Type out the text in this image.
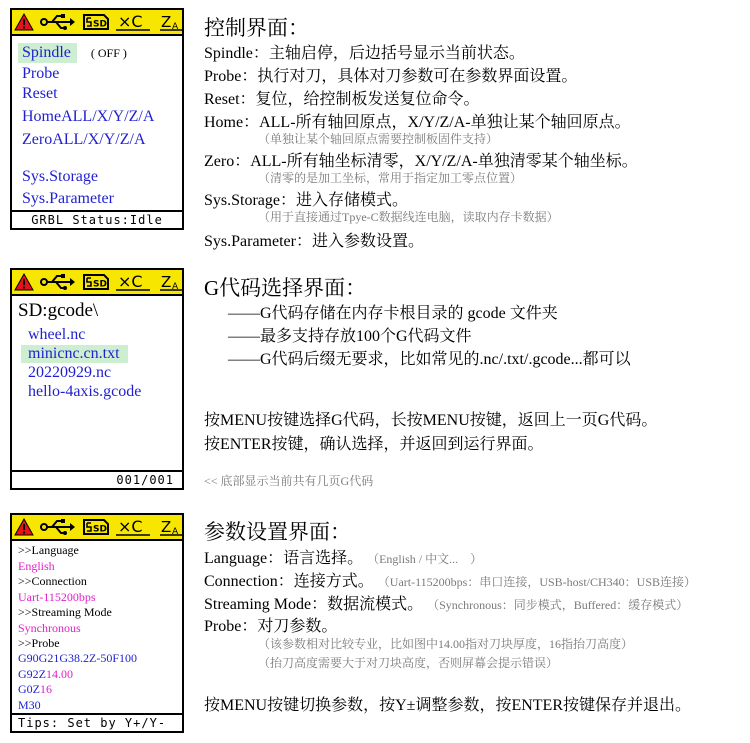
SD ×C Z A
Spindle ( OFF )
Probe
Reset
HomeALL/X/Y/Z/A
ZeroALL/X/Y/Z/A
Sys.Storage
Sys.Parameter
GRBL Status:Idle
控制界面：
Spindle：主轴启停，后边括号显示当前状态。
Probe：执行对刀，具体对刀参数可在参数界面设置。
Reset：复位，给控制板发送复位命令。
Home：ALL-所有轴回原点，X/Y/Z/A-单独让某个轴回原点。
（单独让某个轴回原点需要控制板固件支持）
Zero：ALL-所有轴坐标清零，X/Y/Z/A-单独清零某个轴坐标。
（清零的是加工坐标，常用于指定加工零点位置）
Sys.Storage：进入存储模式。
（用于直接通过Tpye-C数据线连电脑，读取内存卡数据）
Sys.Parameter：进入参数设置。
SD ×C Z A
SD:gcode\
wheel.nc
minicnc.cn.txt
20220929.nc
hello-4axis.gcode
001/001
G代码选择界面：
——G代码存储在内存卡根目录的 gcode 文件夹
——最多支持存放100个G代码文件
——G代码后缀无要求，比如常见的.nc/.txt/.gcode...都可以
按MENU按键选择G代码，长按MENU按键，返回上一页G代码。
按ENTER按键，确认选择，并返回到运行界面。
<< 底部显示当前共有几页G代码
SD ×C Z A
>>Language
English
>>Connection
Uart-115200bps
>>Streaming Mode
Synchronous
>>Probe
G90G21G38.2Z-50F100
G92Z14.00
G0Z16
M30
Tips: Set by Y+/Y-
参数设置界面：
Language：语言选择。 （English / 中文...　）
Connection：连接方式。 （Uart-115200bps：串口连接，USB-host/CH340：USB连接）
Streaming Mode：数据流模式。 （Synchronous：同步模式，Buffered：缓存模式）
Probe：对刀参数。
（该参数相对比较专业，比如图中14.00指对刀块厚度，16指抬刀高度）
（抬刀高度需要大于对刀块高度，否则屏幕会提示错误）
按MENU按键切换参数，按Y±调整参数，按ENTER按键保存并退出。
